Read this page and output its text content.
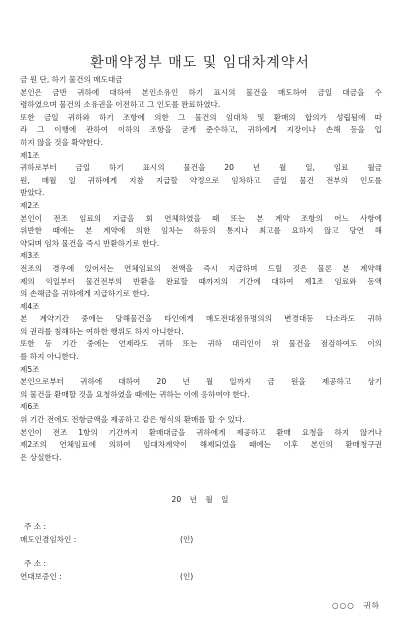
환매약정부 매도 및 임대차계약서
금 원 단, 하기 물건의 매도대금
본인은 금반 귀하에 대하여 본인소유인 하기 표시의 물건을 매도하여 금일 대금을 수
령하였으며 물건의 소유권을 이전하고 그 인도를 완료하였다.
또한 금일 귀하와 하기 조항에 의한 그 물건의 임대차 및 환매의 합의가 성립됨에 따
라 그 이행에 관하여 이하의 조항을 굳게 준수하고, 귀하에게 지장이나 손해 등을 입
히지 않을 것을 확약한다.
제1조
귀하로부터 금일 하기 표시의 물건을 20 년 월 일, 임료 월금
원, 매월 일 귀하에게 지참 지급할 약정으로 임차하고 금일 물건 전부의 인도를
받았다.
제2조
본인이 전조 임료의 지급을 회 연체하였을 때 또는 본 계약 조항의 어느 사항에
위반한 때에는 본 계약에 의한 임차는 하등의 통지나 최고를 요하지 않고 당연 해
약되며 임차 물건을 즉시 반환하기로 한다.
제3조
전조의 경우에 있어서는 연체임료의 전액을 즉시 지급하며 드릴 것은 물론 본 계약해
제의 익일부터 물건전부의 반환을 완료할 때까지의 기간에 대하여 제1조 임료와 동액
의 손해금을 귀하에게 지급하기로 한다.
제4조
본 계약기간 중에는 당해물건을 타인에게 매도전대점유명의의 변경대등 다소라도 귀하
의 권리를 침해하는 여하한 행위도 하지 아니한다.
또한 동 기간 중에는 언제라도 귀하 또는 귀하 대리인이 위 물건을 점검하여도 이의
를 하지 아니한다.
제5조
본인으로부터 귀하에 대하여 20 년 월 일까지 금 원을 제공하고 상기
의 물건을 환매할 것을 요청하였을 때에는 귀하는 이에 응하여야 한다.
제6조
위 기간 전에도 전항금액을 제공하고 같은 형식의 환매를 할 수 있다.
본인이 전조 1항의 기간까지 환매대금을 귀하에게 제공하고 환매 요청을 하지 않거나
제2조의 연체임료에 의하여 임대차계약이 해제되었을 때에는 이후 본인의 환매청구권
은 상실한다.
20 년 월 일
주 소 :
매도인겸임차인 :	(인)
주 소 :
연대보증인 :	(인)
○○○ 귀하
